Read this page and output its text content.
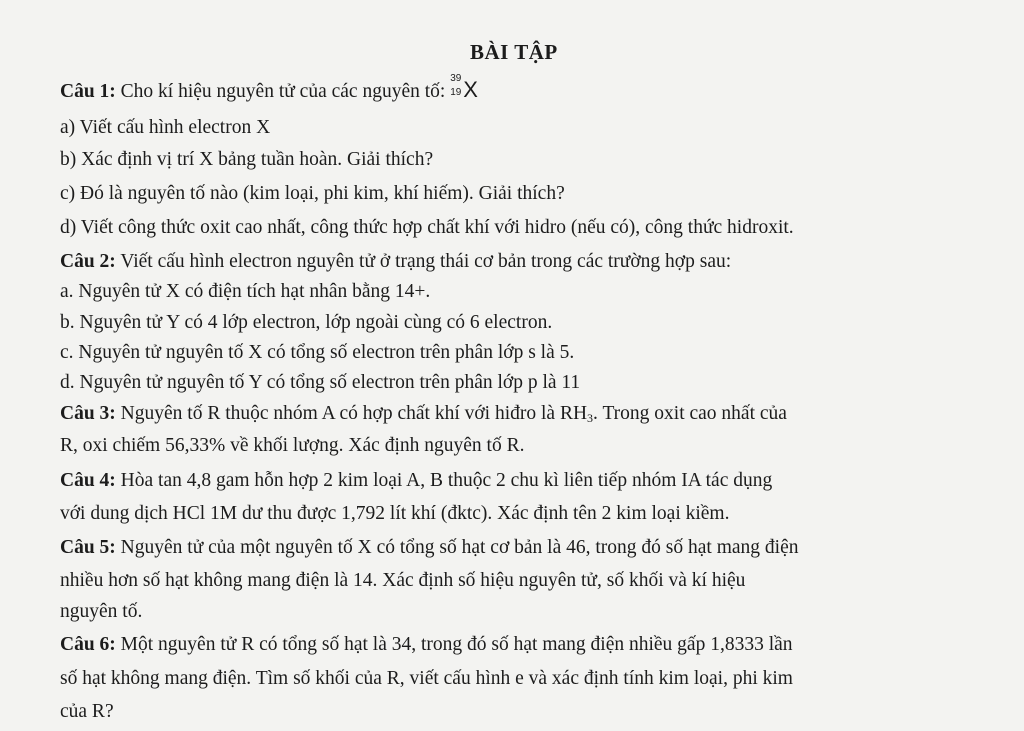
BÀI TẬP
Câu 1: Cho kí hiệu nguyên tử của các nguyên tố:
39
19 X
a) Viết cấu hình electron X
b) Xác định vị trí X bảng tuần hoàn. Giải thích?
c) Đó là nguyên tố nào (kim loại, phi kim, khí hiếm). Giải thích?
d) Viết công thức oxit cao nhất, công thức hợp chất khí với hidro (nếu có), công thức hidroxit.
Câu 2: Viết cấu hình electron nguyên tử ở trạng thái cơ bản trong các trường hợp sau:
a. Nguyên tử X có điện tích hạt nhân bằng 14+.
b. Nguyên tử Y có 4 lớp electron, lớp ngoài cùng có 6 electron.
c. Nguyên tử nguyên tố X có tổng số electron trên phân lớp s là 5.
d. Nguyên tử nguyên tố Y có tổng số electron trên phân lớp p là 11
Câu 3: Nguyên tố R thuộc nhóm A có hợp chất khí với hiđro là $RH_3$. Trong oxit cao nhất của
R, oxi chiếm 56,33% về khối lượng. Xác định nguyên tố R.
Câu 4: Hòa tan 4,8 gam hỗn hợp 2 kim loại A, B thuộc 2 chu kì liên tiếp nhóm IA tác dụng
với dung dịch HCl 1M dư thu được 1,792 lít khí (đktc). Xác định tên 2 kim loại kiềm.
Câu 5: Nguyên tử của một nguyên tố X có tổng số hạt cơ bản là 46, trong đó số hạt mang điện
nhiều hơn số hạt không mang điện là 14. Xác định số hiệu nguyên tử, số khối và kí hiệu
nguyên tố.
Câu 6: Một nguyên tử R có tổng số hạt là 34, trong đó số hạt mang điện nhiều gấp 1,8333 lần
số hạt không mang điện. Tìm số khối của R, viết cấu hình e và xác định tính kim loại, phi kim
của R?
